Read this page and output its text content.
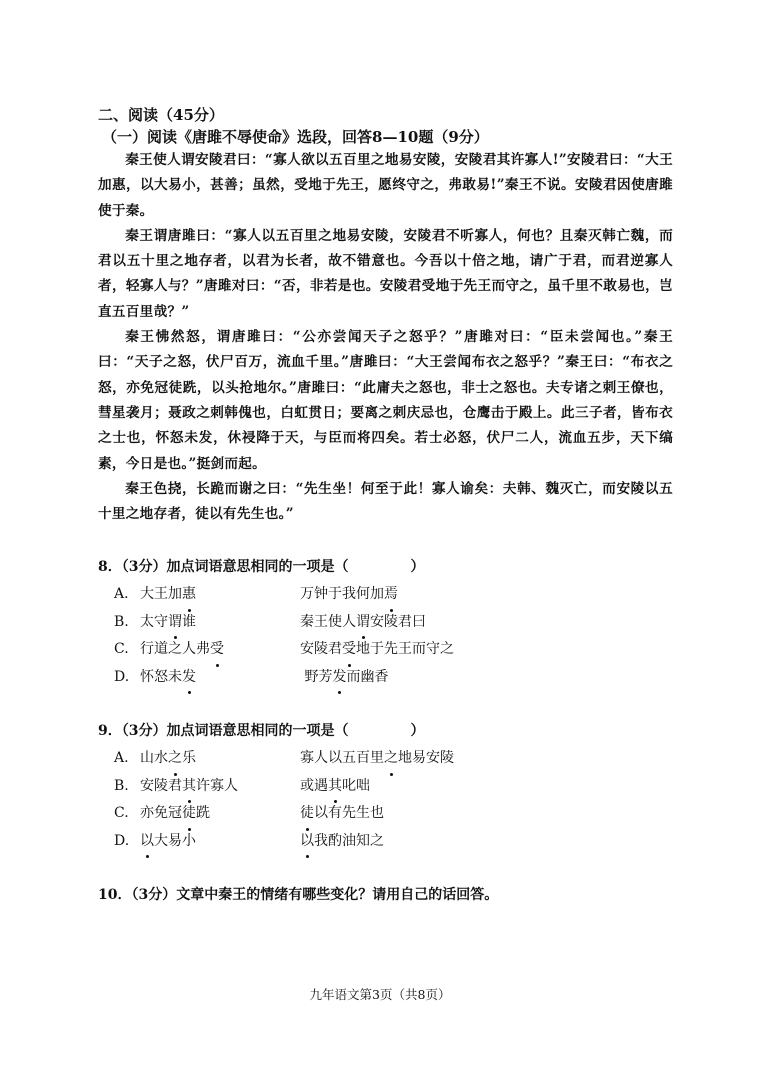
二、阅读（45分）

（一）阅读《唐雎不辱使命》选段，回答8—10题（9分）

秦王使人谓安陵君曰：“寡人欲以五百里之地易安陵，安陵君其许寡人!”安陵君曰：“大王加惠，以大易小，甚善；虽然，受地于先王，愿终守之，弗敢易!”秦王不说。安陵君因使唐雎使于秦。

秦王谓唐雎曰：“寡人以五百里之地易安陵，安陵君不听寡人，何也？且秦灭韩亡魏，而君以五十里之地存者，以君为长者，故不错意也。今吾以十倍之地，请广于君，而君逆寡人者，轻寡人与？”唐雎对曰：“否，非若是也。安陵君受地于先王而守之，虽千里不敢易也，岂直五百里哉？”

秦王怫然怒，谓唐雎曰：“公亦尝闻天子之怒乎？”唐雎对曰：“臣未尝闻也。”秦王曰：“天子之怒，伏尸百万，流血千里。”唐雎曰：“大王尝闻布衣之怒乎？”秦王曰：“布衣之怒，亦免冠徒跣，以头抢地尔。”唐雎曰：“此庸夫之怒也，非士之怒也。夫专诸之刺王僚也，彗星袭月；聂政之刺韩傀也，白虹贯日；要离之刺庆忌也，仓鹰击于殿上。此三子者，皆布衣之士也，怀怒未发，休祲降于天，与臣而将四矣。若士必怒，伏尸二人，流血五步，天下缟素，今日是也。”挺剑而起。

秦王色挠，长跪而谢之曰：“先生坐！何至于此！寡人谕矣：夫韩、魏灭亡，而安陵以五十里之地存者，徒以有先生也。”

8．（3分）加点词语意思相同的一项是（	）

A. 大王加惠	万钟于我何加焉
B. 太守谓谁	秦王使人谓安陵君曰
C. 行道之人弗受	安陵君受地于先王而守之
D. 怀怒未发	野芳发而幽香

9．（3分）加点词语意思相同的一项是（	）

A. 山水之乐	寡人以五百里之地易安陵
B. 安陵君其许寡人	或遇其叱咄
C. 亦免冠徒跣	徒以有先生也
D. 以大易小	以我酌油知之

10．（3分）文章中秦王的情绪有哪些变化？请用自己的话回答。

九年语文第3页（共8页）
